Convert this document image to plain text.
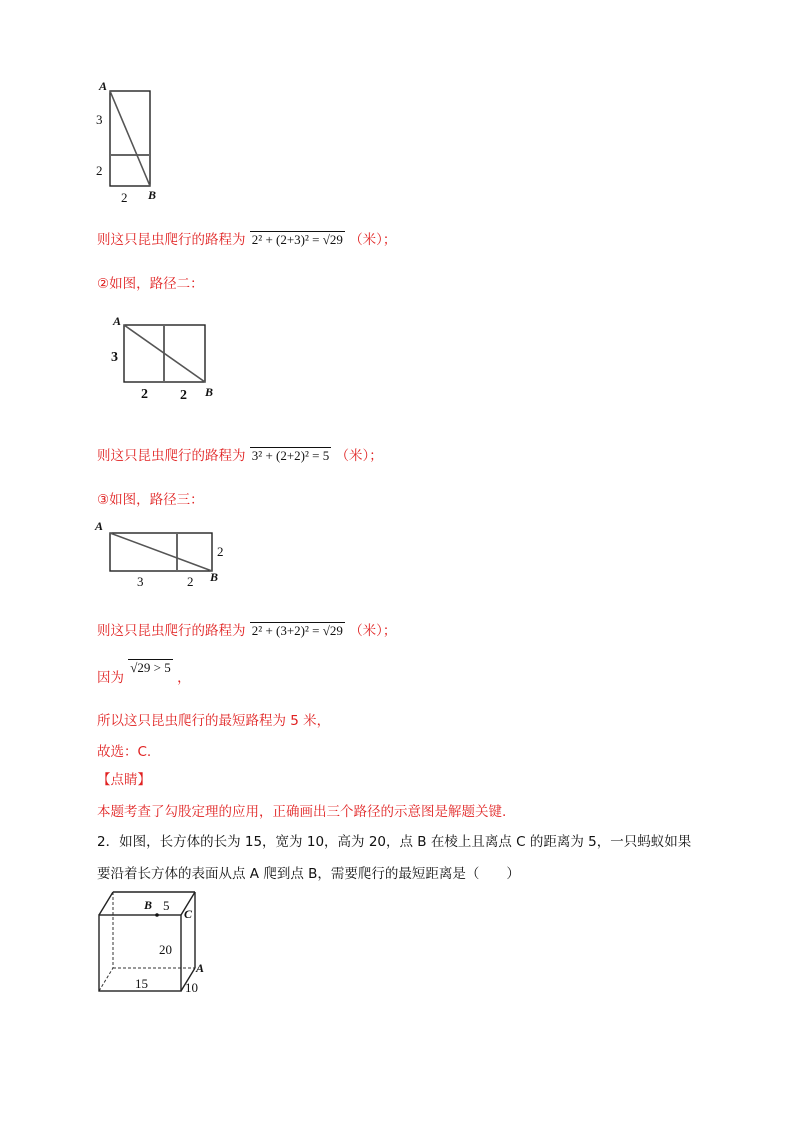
A
3
2
2 B
则这只昆虫爬行的路程为 2² + (2+3)² = √29 （米）；
②如图，路径二：
A
3
2 2 B
则这只昆虫爬行的路程为 3² + (2+2)² = 5 （米）；
③如图，路径三：
A
2
3	2 B
则这只昆虫爬行的路程为 2² + (3+2)² = √29 （米）；
因为 √29 > 5 ，
所以这只昆虫爬行的最短路程为 5 米，
故选：C.
【点睛】
本题考查了勾股定理的应用，正确画出三个路径的示意图是解题关键.
2．如图，长方体的长为 15，宽为 10，高为 20，点 B 在棱上且离点 C 的距离为 5，一只蚂蚁如果
要沿着长方体的表面从点 A 爬到点 B，需要爬行的最短距离是（　　）
B 5
C
20
A
15	10
